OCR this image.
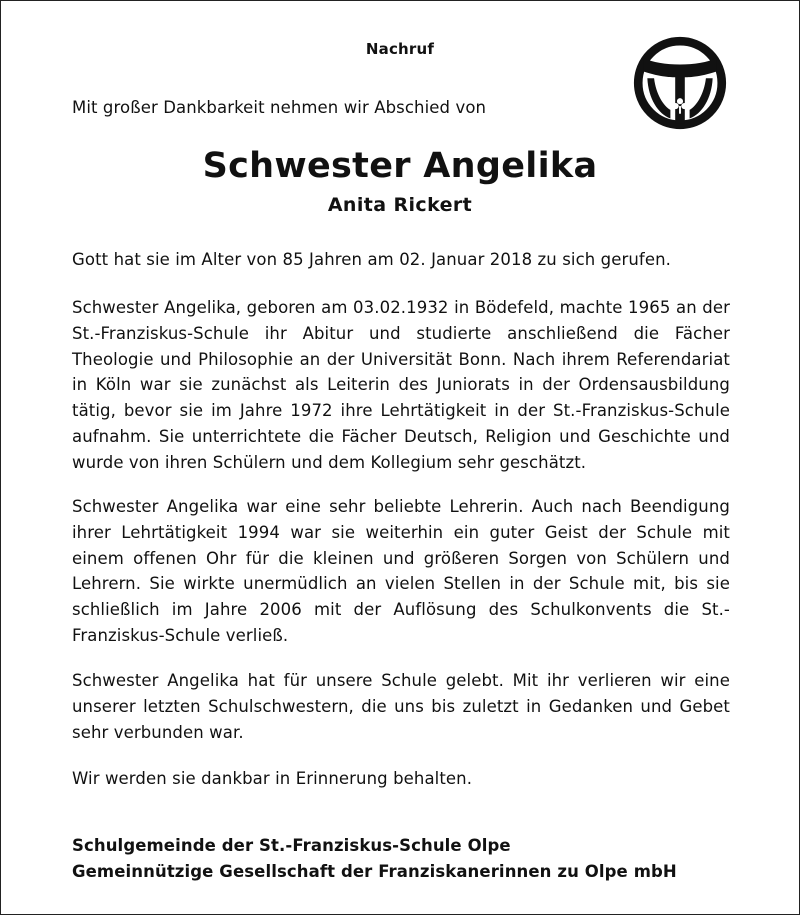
Nachruf
Mit großer Dankbarkeit nehmen wir Abschied von
Schwester Angelika
Anita Rickert
Gott hat sie im Alter von 85 Jahren am 02. Januar 2018 zu sich gerufen.
Schwester Angelika, geboren am 03.02.1932 in Bödefeld, machte 1965 an der St.-Franziskus-Schule ihr Abitur und studierte anschließend die Fächer Theologie und Philosophie an der Universität Bonn. Nach ihrem Referendariat in Köln war sie zunächst als Leiterin des Juniorats in der Ordensausbildung tätig, bevor sie im Jahre 1972 ihre Lehrtätigkeit in der St.-Franziskus-Schule aufnahm. Sie unterrichtete die Fächer Deutsch, Religion und Geschichte und wurde von ihren Schülern und dem Kollegium sehr geschätzt.
Schwester Angelika war eine sehr beliebte Lehrerin. Auch nach Beendigung ihrer Lehrtätigkeit 1994 war sie weiterhin ein guter Geist der Schule mit einem offenen Ohr für die kleinen und größeren Sorgen von Schülern und Lehrern. Sie wirkte unermüdlich an vielen Stellen in der Schule mit, bis sie schließlich im Jahre 2006 mit der Auflösung des Schulkonvents die St.-Franziskus-Schule verließ.
Schwester Angelika hat für unsere Schule gelebt. Mit ihr verlieren wir eine unserer letzten Schulschwestern, die uns bis zuletzt in Gedanken und Gebet sehr verbunden war.
Wir werden sie dankbar in Erinnerung behalten.
Schulgemeinde der St.-Franziskus-Schule Olpe
Gemeinnützige Gesellschaft der Franziskanerinnen zu Olpe mbH
